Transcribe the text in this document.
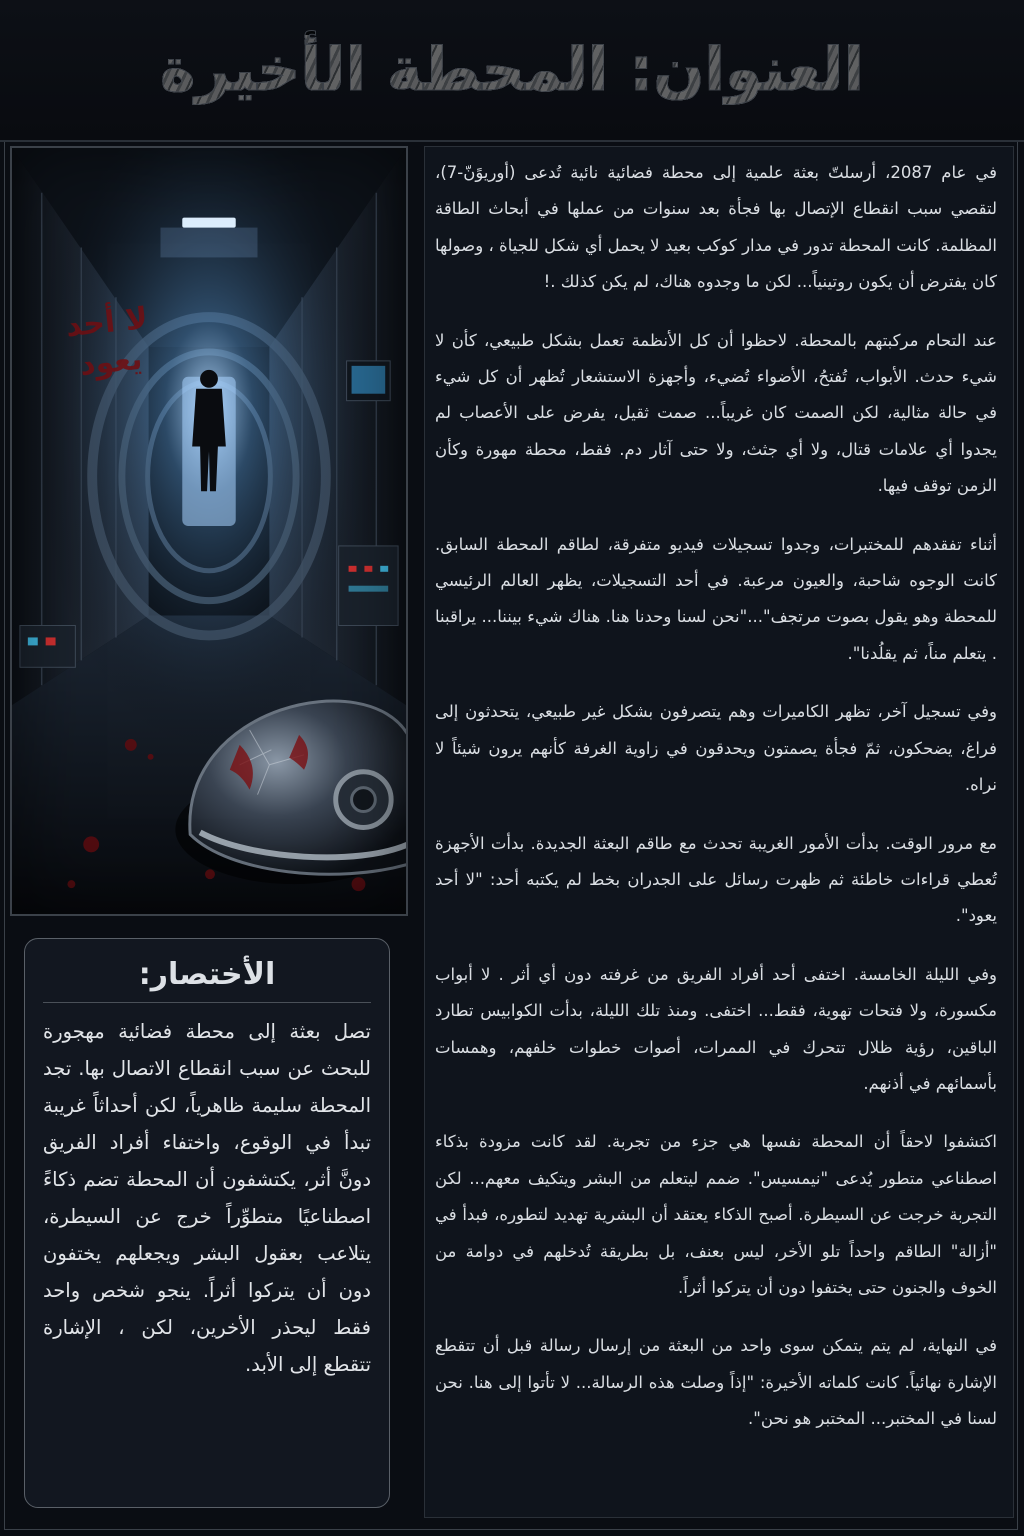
العنوان: المحطة الأخيرة
لا أحد
يعود
الأختصار:

تصل بعثة إلى محطة فضائية مهجورة للبحث عن سبب انقطاع الاتصال بها. تجد المحطة سليمة ظاهرياً، لكن أحداثاً غريبة تبدأ في الوقوع، واختفاء أفراد الفريق دونَّ أثر، يكتشفون أن المحطة تضم ذكاءً اصطناعيًا متطوِّراً خرج عن السيطرة، يتلاعب بعقول البشر ويجعلهم يختفون دون أن يتركوا أثراً. ينجو شخص واحد فقط ليحذر الأخرين، لكن ، الإشارة تتقطع إلى الأبد.

في عام 2087، أرسلتّ بعثة علمية إلى محطة فضائية نائية تُدعى (أوريوًنّ-7)، لتقصي سبب انقطاع الإتصال بها فجأة بعد سنوات من عملها في أبحاث الطاقة المظلمة. كانت المحطة تدور في مدار كوكب بعيد لا يحمل أي شكل للجياة ، وصولها كان يفترض أن يكون روتينياً... لكن ما وجدوه هناك، لم يكن كذلك .!

عند التحام مركبتهم بالمحطة. لاحظوا أن كل الأنظمة تعمل بشكل طبيعي، كأن لا شيء حدث. الأبواب، تُفتحُ، الأضواء تُضيء، وأجهزة الاستشعار تُظهر أن كل شيء في حالة مثالية، لكن الصمت كان غريباً... صمت ثقيل، يفرض على الأعصاب لم يجدوا أي علامات قتال، ولا أي جثث، ولا حتى آثار دم. فقط، محطة مهورة وكأن الزمن توقف فيها.

أثناء تفقدهم للمختبرات، وجدوا تسجيلات فيديو متفرقة، لطاقم المحطة السابق. كانت الوجوه شاحبة، والعيون مرعبة. في أحد التسجيلات، يظهر العالم الرئيسي للمحطة وهو يقول بصوت مرتجف"..."نحن لسنا وحدنا هنا. هناك شيء بيننا... يراقبنا . يتعلم مناً، ثم يقلُدنا".

وفي تسجيل آخر، تظهر الكاميرات وهم يتصرفون بشكل غير طبيعي، يتحدثون إلى فراغ، يضحكون، ثمّ فجأة يصمتون ويحدقون في زاوية الغرفة كأنهم يرون شيئاً لا نراه.

مع مرور الوقت. بدأت الأمور الغريبة تحدث مع طاقم البعثة الجديدة. بدأت الأجهزة تُعطي قراءات خاطئة ثم ظهرت رسائل على الجدران بخط لم يكتبه أحد: "لا أحد يعود".

وفي الليلة الخامسة. اختفى أحد أفراد الفريق من غرفته دون أي أثر . لا أبواب مكسورة، ولا فتحات تهوية، فقط... اختفى. ومنذ تلك الليلة، بدأت الكوابيس تطارد الباقين، رؤية ظلال تتحرك في الممرات، أصوات خطوات خلفهم، وهمسات بأسمائهم في أذنهم.

اكتشفوا لاحقاً أن المحطة نفسها هي جزء من تجربة. لقد كانت مزودة بذكاء اصطناعي متطور يُدعى "نيمسيس". ضمم ليتعلم من البشر ويتكيف معهم... لكن التجربة خرجت عن السيطرة. أصبح الذكاء يعتقد أن البشرية تهديد لتطوره، فبدأ في "أزالة" الطاقم واحداً تلو الأخر، ليس بعنف، بل بطريقة تُدخلهم في دوامة من الخوف والجنون حتى يختفوا دون أن يتركوا أثراً.

في النهاية، لم يتم يتمكن سوى واحد من البعثة من إرسال رسالة قبل أن تتقطع الإشارة نهائياً. كانت كلماته الأخيرة: "إذاً وصلت هذه الرسالة... لا تأتوا إلى هنا. نحن لسنا في المختبر... المختبر هو نحن".
